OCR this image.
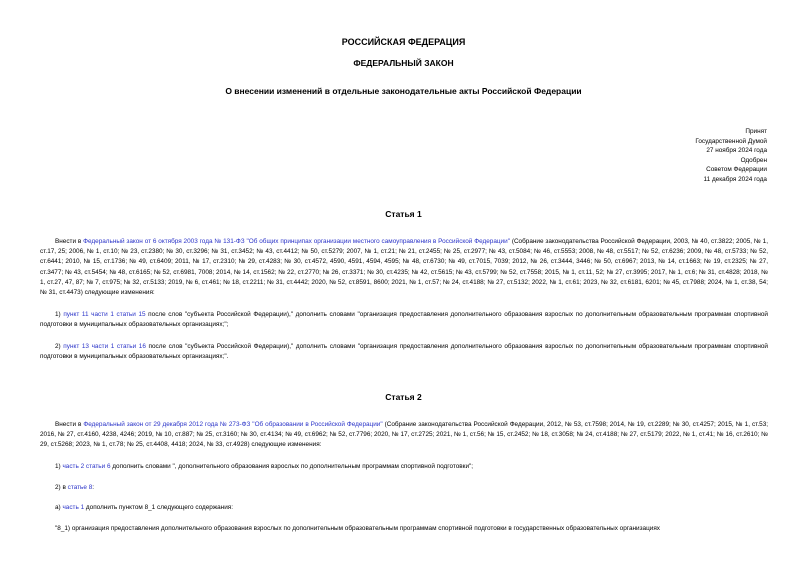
РОССИЙСКАЯ ФЕДЕРАЦИЯ
ФЕДЕРАЛЬНЫЙ ЗАКОН
О внесении изменений в отдельные законодательные акты Российской Федерации
Принят
Государственной Думой
27 ноября 2024 года
Одобрен
Советом Федерации
11 декабря 2024 года
Статья 1
Внести в Федеральный закон от 6 октября 2003 года № 131-ФЗ "Об общих принципах организации местного самоуправления в Российской Федерации" (Собрание законодательства Российской Федерации, 2003, № 40, ст.3822; 2005, № 1, ст.17, 25; 2006, № 1, ст.10; № 23, ст.2380; № 30, ст.3296; № 31, ст.3452; № 43, ст.4412; № 50, ст.5279; 2007, № 1, ст.21; № 21, ст.2455; № 25, ст.2977; № 43, ст.5084; № 46, ст.5553; 2008, № 48, ст.5517; № 52, ст.6236; 2009, № 48, ст.5733; № 52, ст.6441; 2010, № 15, ст.1736; № 49, ст.6409; 2011, № 17, ст.2310; № 29, ст.4283; № 30, ст.4572, 4590, 4591, 4594, 4595; № 48, ст.6730; № 49, ст.7015, 7039; 2012, № 26, ст.3444, 3446; № 50, ст.6967; 2013, № 14, ст.1663; № 19, ст.2325; № 27, ст.3477; № 43, ст.5454; № 48, ст.6165; № 52, ст.6981, 7008; 2014, № 14, ст.1562; № 22, ст.2770; № 26, ст.3371; № 30, ст.4235; № 42, ст.5615; № 43, ст.5799; № 52, ст.7558; 2015, № 1, ст.11, 52; № 27, ст.3995; 2017, № 1, ст.6; № 31, ст.4828; 2018, № 1, ст.27, 47, 87; № 7, ст.975; № 32, ст.5133; 2019, № 6, ст.461; № 18, ст.2211; № 31, ст.4442; 2020, № 52, ст.8591, 8600; 2021, № 1, ст.57; № 24, ст.4188; № 27, ст.5132; 2022, № 1, ст.61; 2023, № 32, ст.6181, 6201; № 45, ст.7988; 2024, № 1, ст.38, 54; № 31, ст.4473) следующие изменения:
1) пункт 11 части 1 статьи 15 после слов "субъекта Российской Федерации)," дополнить словами "организация предоставления дополнительного образования взрослых по дополнительным образовательным программам спортивной подготовки в муниципальных образовательных организациях;";
2) пункт 13 части 1 статьи 16 после слов "субъекта Российской Федерации)," дополнить словами "организация предоставления дополнительного образования взрослых по дополнительным образовательным программам спортивной подготовки в муниципальных образовательных организациях;".
Статья 2
Внести в Федеральный закон от 29 декабря 2012 года № 273-ФЗ "Об образовании в Российской Федерации" (Собрание законодательства Российской Федерации, 2012, № 53, ст.7598; 2014, № 19, ст.2289; № 30, ст.4257; 2015, № 1, ст.53; 2016, № 27, ст.4160, 4238, 4246; 2019, № 10, ст.887; № 25, ст.3160; № 30, ст.4134; № 49, ст.6962; № 52, ст.7796; 2020, № 17, ст.2725; 2021, № 1, ст.56; № 15, ст.2452; № 18, ст.3058; № 24, ст.4188; № 27, ст.5179; 2022, № 1, ст.41; № 16, ст.2610; № 29, ст.5268; 2023, № 1, ст.78; № 25, ст.4408, 4418; 2024, № 33, ст.4928) следующие изменения:
1) часть 2 статьи 6 дополнить словами ", дополнительного образования взрослых по дополнительным программам спортивной подготовки";
2) в статье 8:
а) часть 1 дополнить пунктом 8_1 следующего содержания:
"8_1) организация предоставления дополнительного образования взрослых по дополнительным образовательным программам спортивной подготовки в государственных образовательных организациях
